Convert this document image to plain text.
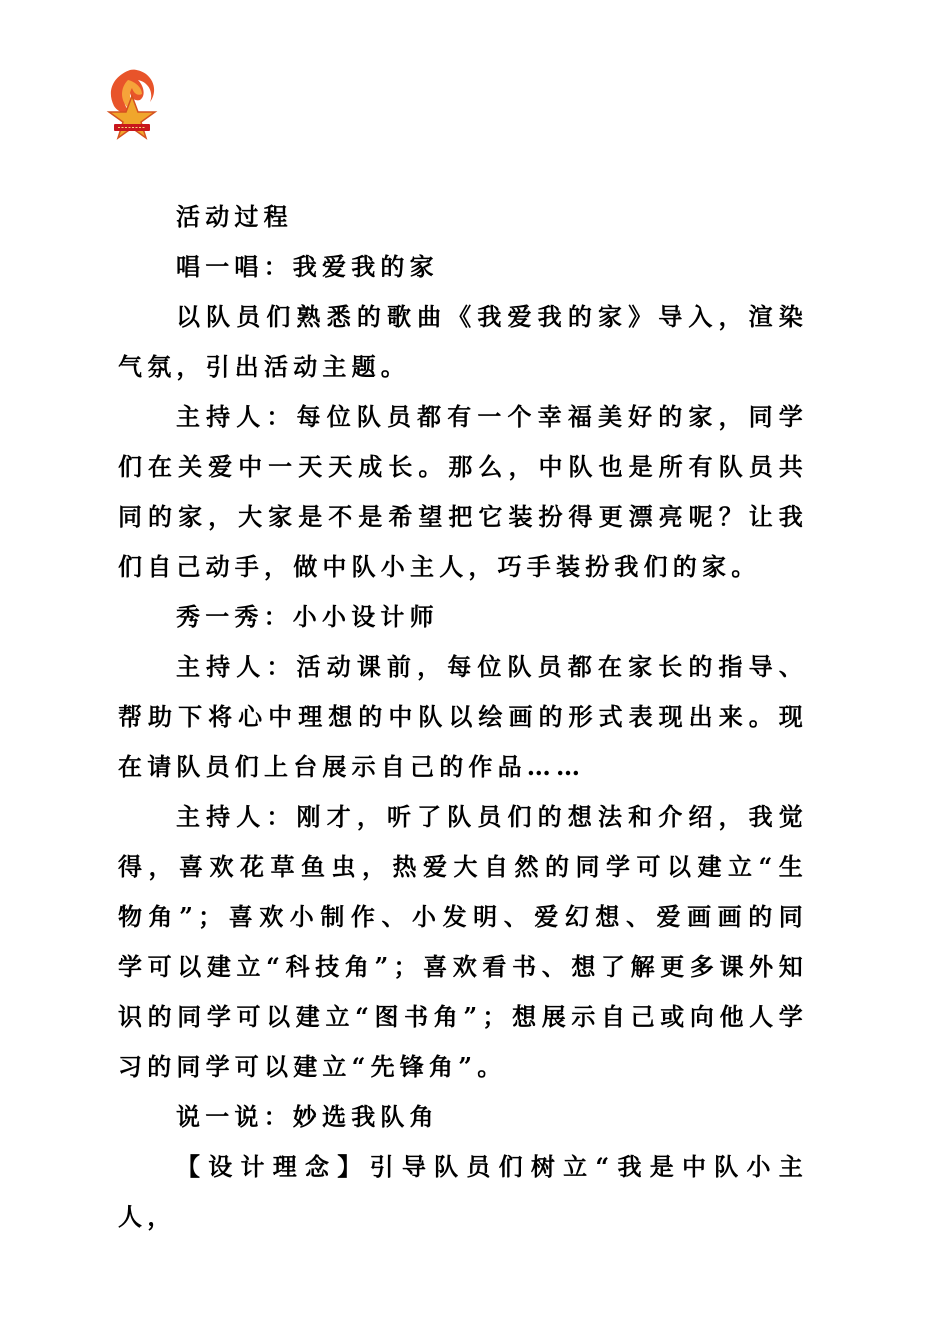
活动过程

唱一唱：我爱我的家

以队员们熟悉的歌曲《我爱我的家》导入，渲染气氛，引出活动主题。

主持人：每位队员都有一个幸福美好的家，同学们在关爱中一天天成长。那么，中队也是所有队员共同的家，大家是不是希望把它装扮得更漂亮呢？让我们自己动手，做中队小主人，巧手装扮我们的家。

秀一秀：小小设计师

主持人：活动课前，每位队员都在家长的指导、帮助下将心中理想的中队以绘画的形式表现出来。现在请队员们上台展示自己的作品……

主持人：刚才，听了队员们的想法和介绍，我觉得，喜欢花草鱼虫，热爱大自然的同学可以建立“生物角”；喜欢小制作、小发明、爱幻想、爱画画的同学可以建立“科技角”；喜欢看书、想了解更多课外知识的同学可以建立“图书角”；想展示自己或向他人学习的同学可以建立“先锋角”。

说一说：妙选我队角

【设计理念】引导队员们树立“我是中队小主人，
